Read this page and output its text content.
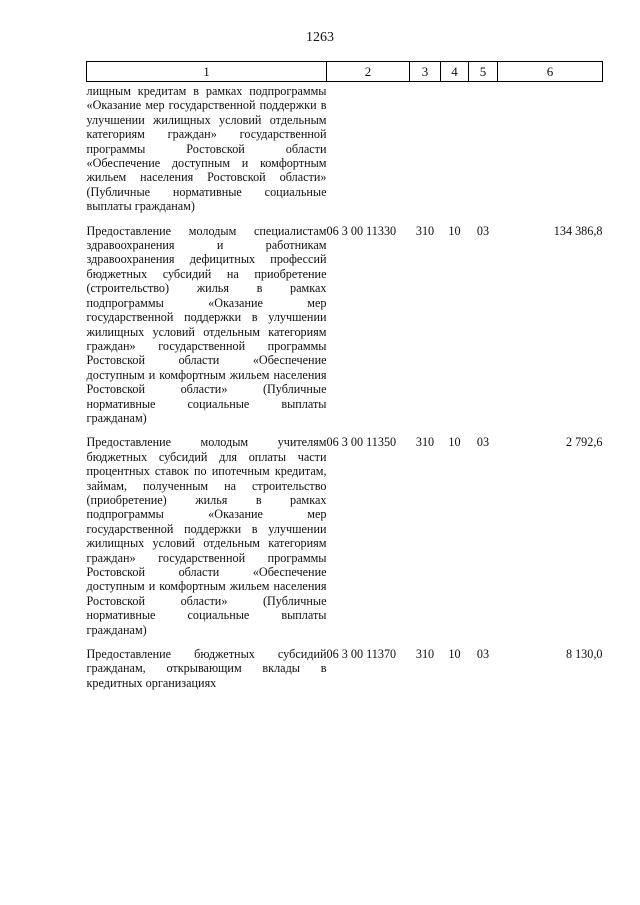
1263
1	2	3	4	5	6
лищным кредитам в рамках подпрограммы «Оказание мер государственной поддержки в улучшении жилищных условий отдельным категориям граждан» государственной программы Ростовской области «Обеспечение доступным и комфортным жильем населения Ростовской области» (Публичные нормативные социальные выплаты гражданам)					
Предоставление молодым специалистам здравоохранения и работникам здравоохранения дефицитных профессий бюджетных субсидий на приобретение (строительство) жилья в рамках подпрограммы «Оказание мер государственной поддержки в улучшении жилищных условий отдельным категориям граждан» государственной программы Ростовской области «Обеспечение доступным и комфортным жильем населения Ростовской области» (Публичные нормативные социальные выплаты гражданам)	06 3 00 11330	310	10	03	134 386,8
Предоставление молодым учителям бюджетных субсидий для оплаты части процентных ставок по ипотечным кредитам, займам, полученным на строительство (приобретение) жилья в рамках подпрограммы «Оказание мер государственной поддержки в улучшении жилищных условий отдельным категориям граждан» государственной программы Ростовской области «Обеспечение доступным и комфортным жильем населения Ростовской области» (Публичные нормативные социальные выплаты гражданам)	06 3 00 11350	310	10	03	2 792,6
Предоставление бюджетных субсидий гражданам, открывающим вклады в кредитных организациях	06 3 00 11370	310	10	03	8 130,0
